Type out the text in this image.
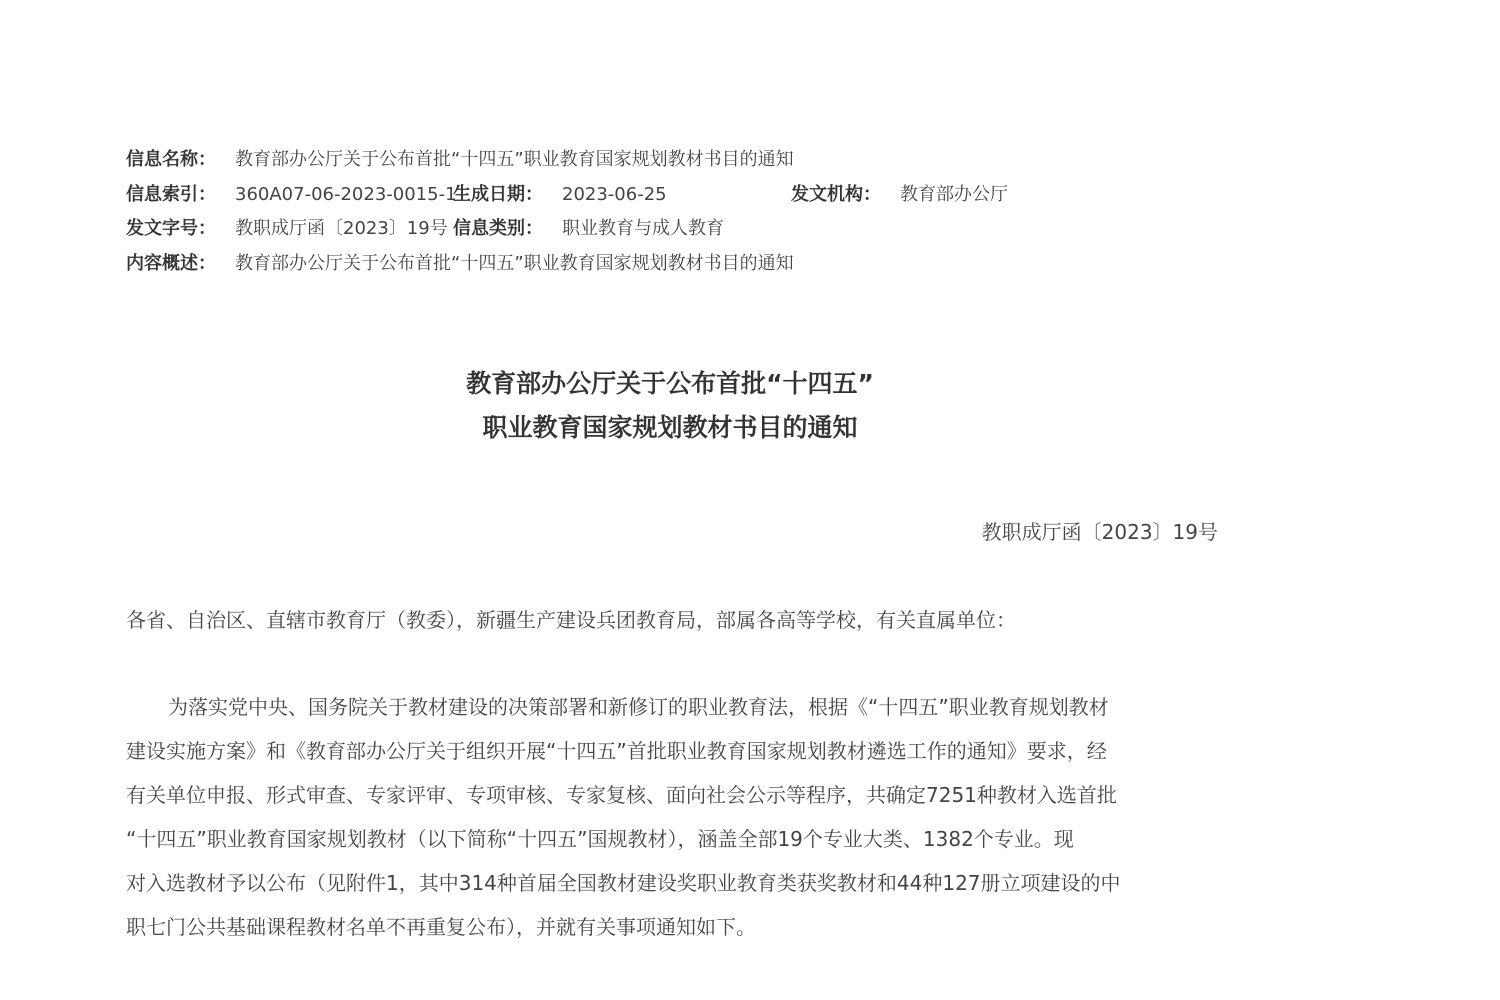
信息名称： 教育部办公厅关于公布首批“十四五”职业教育国家规划教材书目的通知
信息索引： 360A07-06-2023-0015-1
生成日期： 2023-06-25	发文机构： 教育部办公厅
发文字号： 教职成厅函〔2023〕19号 信息类别： 职业教育与成人教育
内容概述： 教育部办公厅关于公布首批“十四五”职业教育国家规划教材书目的通知
教育部办公厅关于公布首批“十四五”
职业教育国家规划教材书目的通知
教职成厅函〔2023〕19号
各省、自治区、直辖市教育厅（教委），新疆生产建设兵团教育局，部属各高等学校，有关直属单位：
为落实党中央、国务院关于教材建设的决策部署和新修订的职业教育法，根据《“十四五”职业教育规划教材
建设实施方案》和《教育部办公厅关于组织开展“十四五”首批职业教育国家规划教材遴选工作的通知》要求，经
有关单位申报、形式审查、专家评审、专项审核、专家复核、面向社会公示等程序，共确定7251种教材入选首批
“十四五”职业教育国家规划教材（以下简称“十四五”国规教材），涵盖全部19个专业大类、1382个专业。现
对入选教材予以公布（见附件1，其中314种首届全国教材建设奖职业教育类获奖教材和44种127册立项建设的中
职七门公共基础课程教材名单不再重复公布），并就有关事项通知如下。
